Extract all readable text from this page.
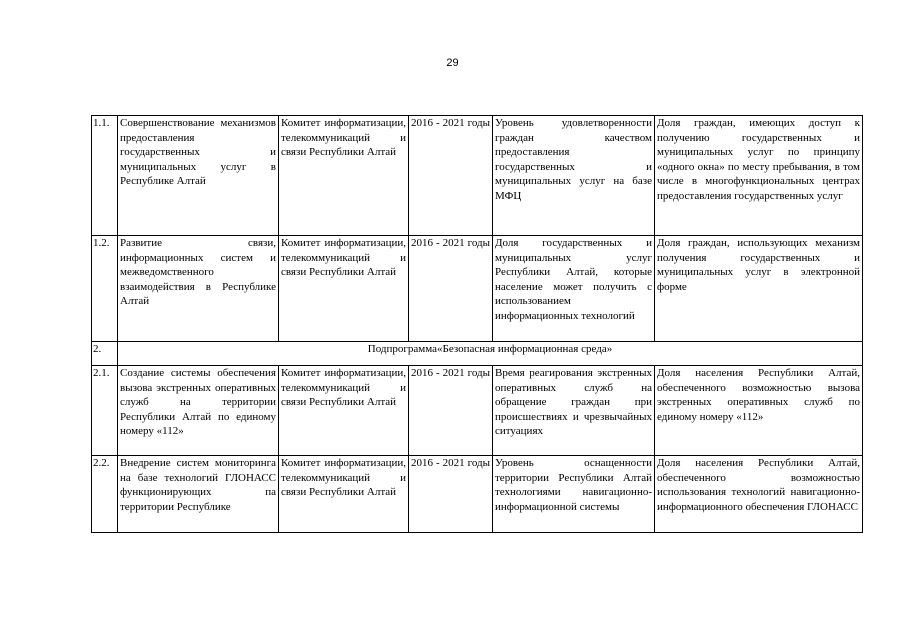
29
1.1.	Совершенствование механизмов предоставления государственных и муниципальных услуг в Республике Алтай	Комитет информатизации, телекоммуникаций и связи Республики Алтай	2016 - 2021 годы	Уровень удовлетворенности граждан качеством предоставления государственных и муниципальных услуг на базе МФЦ	Доля граждан, имеющих доступ к получению государственных и муниципальных услуг по принципу «одного окна» по месту пребывания, в том числе в многофункциональных центрах предоставления государственных услуг
1.2.	Развитие связи, информационных систем и межведомственного взаимодействия в Республике Алтай	Комитет информатизации, телекоммуникаций и связи Республики Алтай	2016 - 2021 годы	Доля государственных и муниципальных услуг Республики Алтай, которые население может получить с использованием информационных технологий	Доля граждан, использующих механизм получения государственных и муниципальных услуг в электронной форме
2.	Подпрограмма«Безопасная информационная среда»				
2.1.	Создание системы обеспечения вызова экстренных оперативных служб на территории Республики Алтай по единому номеру «112»	Комитет информатизации, телекоммуникаций и связи Республики Алтай	2016 - 2021 годы	Время реагирования экстренных оперативных служб на обращение граждан при происшествиях и чрезвычайных ситуациях	Доля населения Республики Алтай, обеспеченного возможностью вызова экстренных оперативных служб по единому номеру «112»
2.2.	Внедрение систем мониторинга на базе технологий ГЛОНАСС функционирующих па территории Республике	Комитет информатизации, телекоммуникаций и связи Республики Алтай	2016 - 2021 годы	Уровень оснащенности территории Республики Алтай технологиями навигационно-информационной системы	Доля населения Республики Алтай, обеспеченного возможностью использования технологий навигационно-информационного обеспечения ГЛОНАСС
